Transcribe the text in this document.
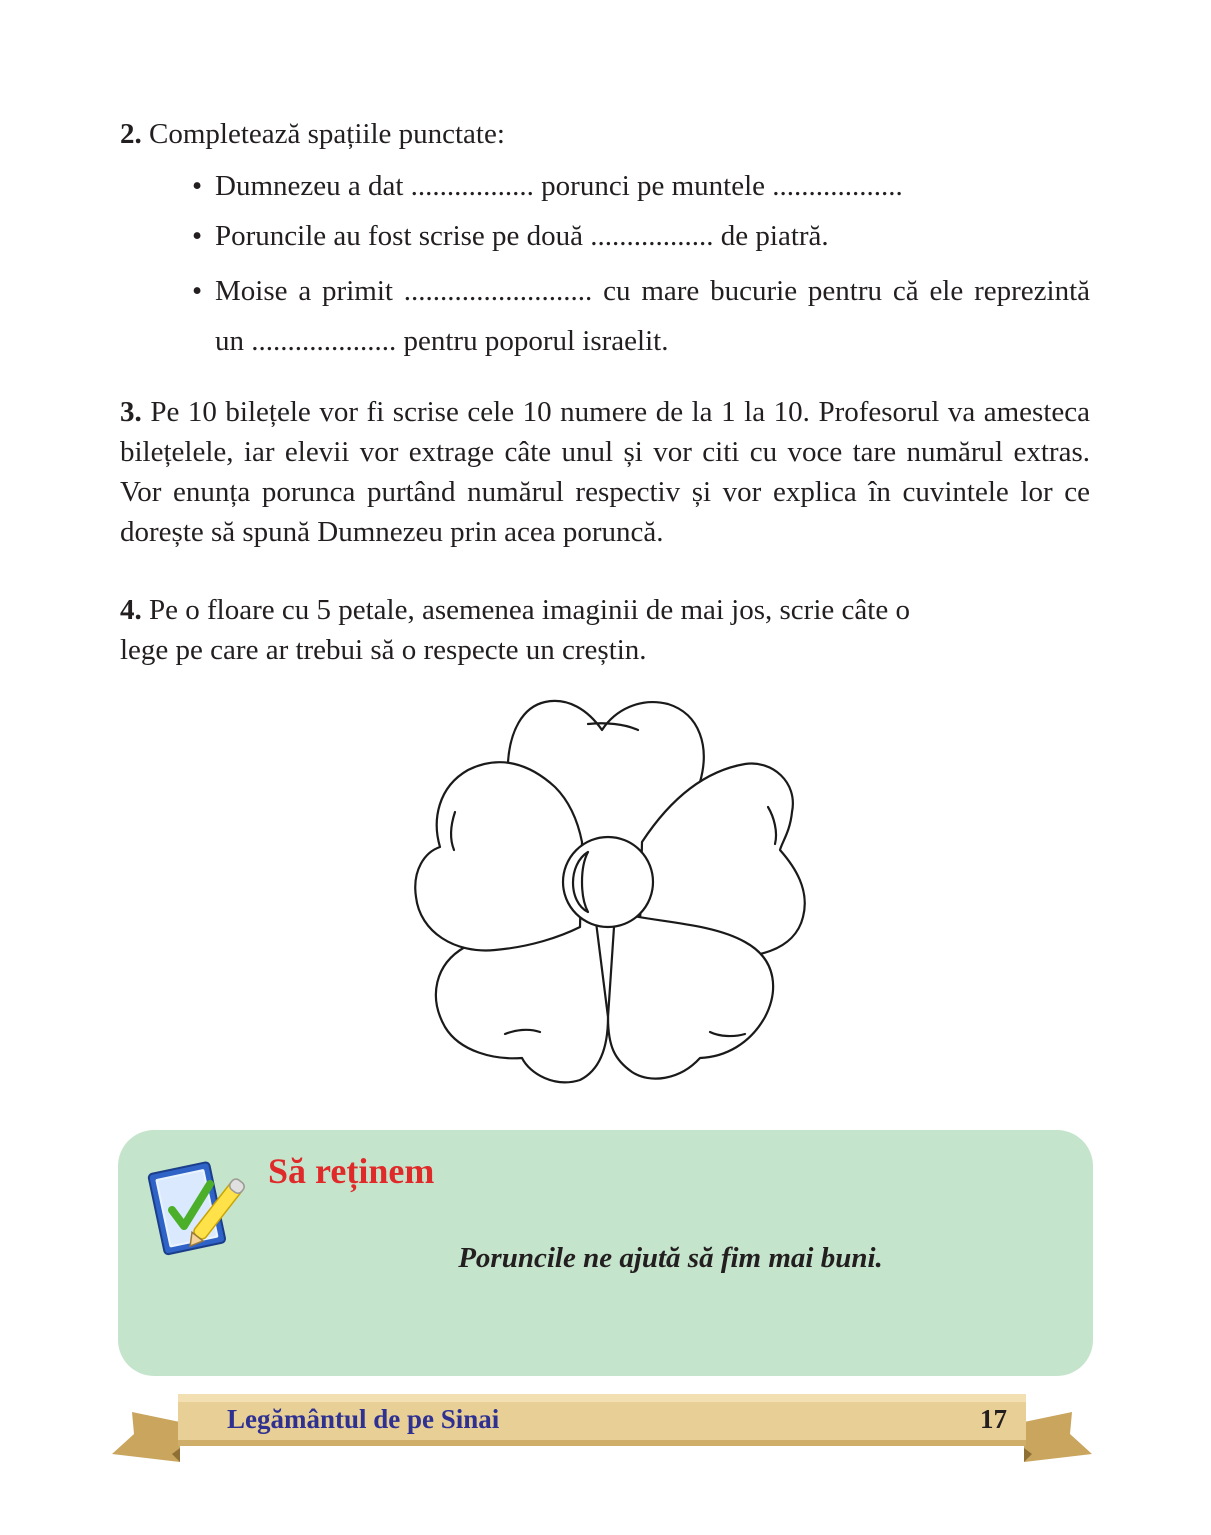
2. Completează spațiile punctate:
• Dumnezeu a dat ................. porunci pe muntele ..................
• Poruncile au fost scrise pe două ................. de piatră.
• Moise a primit .......................... cu mare bucurie pentru că ele reprezintă un .................... pentru poporul israelit.
3. Pe 10 bilețele vor fi scrise cele 10 numere de la 1 la 10. Profesorul va amesteca bilețelele, iar elevii vor extrage câte unul și vor citi cu voce tare numărul extras. Vor enunța porunca purtând numărul respectiv și vor explica în cuvintele lor ce dorește să spună Dumnezeu prin acea poruncă.
4. Pe o floare cu 5 petale, asemenea imaginii de mai jos, scrie câte o
lege pe care ar trebui să o respecte un creștin.
Să reținem
Poruncile ne ajută să fim mai buni.
Legământul de pe Sinai	17
